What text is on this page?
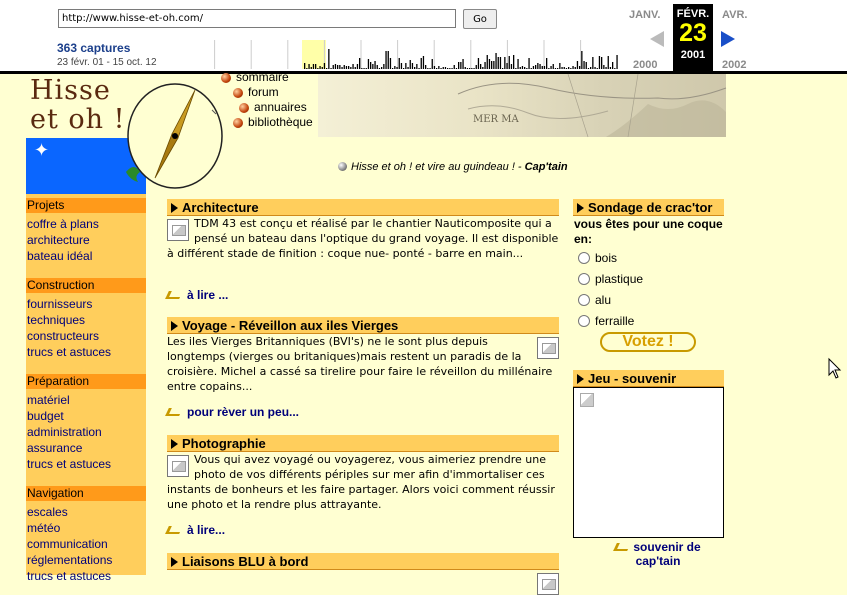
http://www.hisse-et-oh.com/
Go
363 captures
23 févr. 01 - 15 oct. 12
JANV.
2000
FÉVR.
23
2001
AVR.
2002
Hisse
et oh !
✦
MER MA
sommaire
forum
annuaires
bibliothèque
Hisse et oh ! et vire au guindeau ! - Cap'tain
Projets
coffre à plans
architecture
bateau idéal
Construction
fournisseurs
techniques
constructeurs
trucs et astuces
Préparation
matériel
budget
administration
assurance
trucs et astuces
Navigation
escales
météo
communication
réglementations
trucs et astuces
Architecture
TDM 43 est conçu et réalisé par le chantier Nauticomposite qui a pensé un bateau dans l'optique du grand voyage. Il est disponible à différent stade de finition : coque nue- ponté - barre en main...
à lire ...
Voyage - Réveillon aux iles Vierges
Les iles Vierges Britanniques (BVI's) ne le sont plus depuis longtemps (vierges ou britaniques)mais restent un paradis de la croisière. Michel a cassé sa tirelire pour faire le réveillon du millénaire entre copains...
pour rèver un peu...
Photographie
Vous qui avez voyagé ou voyagerez, vous aimeriez prendre une photo de vos différents périples sur mer afin d'immortaliser ces instants de bonheurs et les faire partager. Alors voici comment réussir une photo et la rendre plus attrayante.
à lire...
Liaisons BLU à bord
Sondage de crac'tor
vous êtes pour une coque en:
bois
plastique
alu
ferraille
Votez !
Jeu - souvenir
souvenir de
cap'tain
